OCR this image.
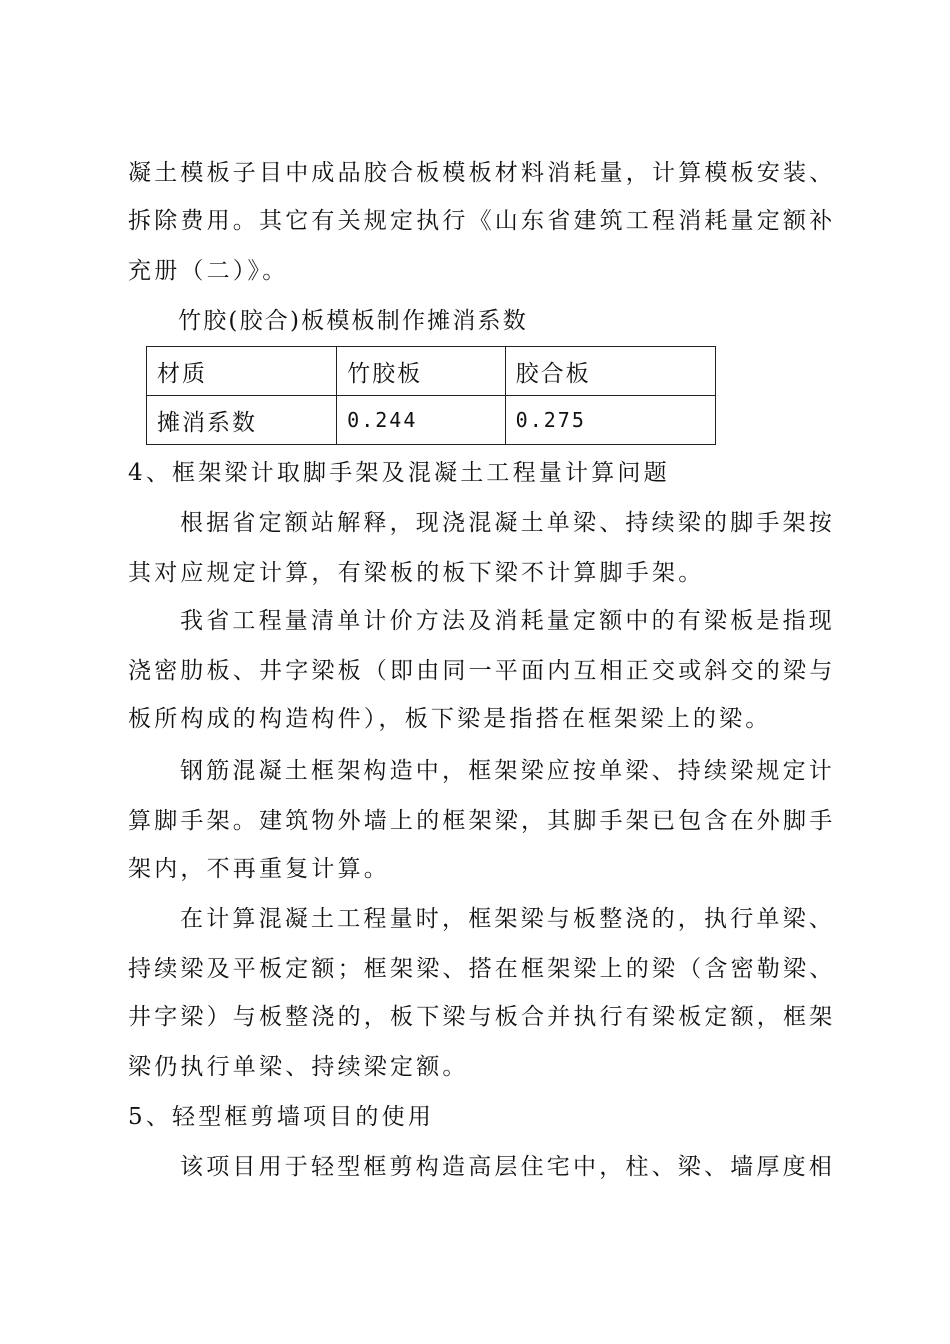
凝土模板子目中成品胶合板模板材料消耗量，计算模板安装、
拆除费用。其它有关规定执行《山东省建筑工程消耗量定额补
充册（二）》。
竹胶(胶合)板模板制作摊消系数
材质	竹胶板	胶合板
摊消系数	0.244	0.275
4、框架梁计取脚手架及混凝土工程量计算问题
根据省定额站解释，现浇混凝土单梁、持续梁的脚手架按
其对应规定计算，有梁板的板下梁不计算脚手架。
我省工程量清单计价方法及消耗量定额中的有梁板是指现
浇密肋板、井字梁板（即由同一平面内互相正交或斜交的梁与
板所构成的构造构件），板下梁是指搭在框架梁上的梁。
钢筋混凝土框架构造中，框架梁应按单梁、持续梁规定计
算脚手架。建筑物外墙上的框架梁，其脚手架已包含在外脚手
架内，不再重复计算。
在计算混凝土工程量时，框架梁与板整浇的，执行单梁、
持续梁及平板定额；框架梁、搭在框架梁上的梁（含密勒梁、
井字梁）与板整浇的，板下梁与板合并执行有梁板定额，框架
梁仍执行单梁、持续梁定额。
5、轻型框剪墙项目的使用
该项目用于轻型框剪构造高层住宅中，柱、梁、墙厚度相
